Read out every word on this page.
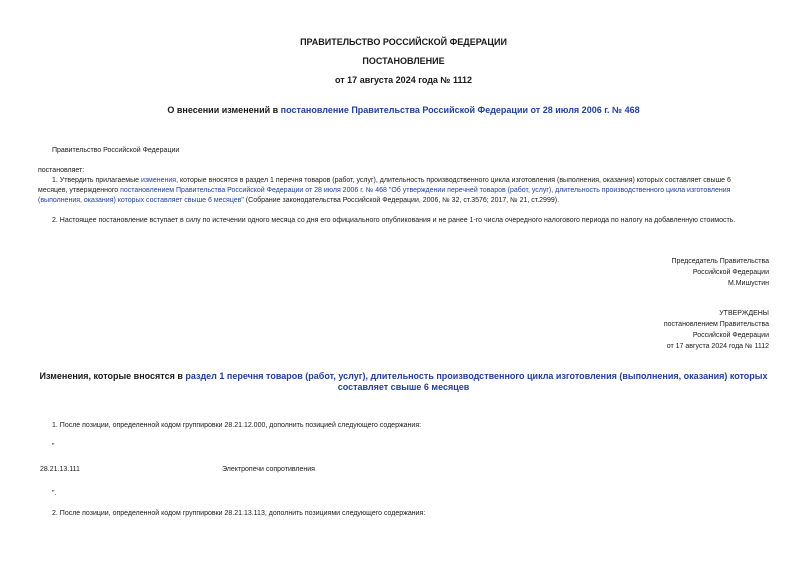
ПРАВИТЕЛЬСТВО РОССИЙСКОЙ ФЕДЕРАЦИИ
ПОСТАНОВЛЕНИЕ
от 17 августа 2024 года № 1112
О внесении изменений в постановление Правительства Российской Федерации от 28 июля 2006 г. № 468
Правительство Российской Федерации
постановляет:
1. Утвердить прилагаемые изменения, которые вносятся в раздел 1 перечня товаров (работ, услуг), длительность производственного цикла изготовления (выполнения, оказания) которых составляет свыше 6
месяцев, утвержденного постановлением Правительства Российской Федерации от 28 июля 2006 г. № 468 "Об утверждении перечней товаров (работ, услуг), длительность производственного цикла изготовления
(выполнения, оказания) которых составляет свыше 6 месяцев" (Собрание законодательства Российской Федерации, 2006, № 32, ст.3576; 2017, № 21, ст.2999).
2. Настоящее постановление вступает в силу по истечении одного месяца со дня его официального опубликования и не ранее 1-го числа очередного налогового периода по налогу на добавленную стоимость.
Председатель Правительства
Российской Федерации
М.Мишустин
УТВЕРЖДЕНЫ
постановлением Правительства
Российской Федерации
от 17 августа 2024 года № 1112
Изменения, которые вносятся в раздел 1 перечня товаров (работ, услуг), длительность производственного цикла изготовления (выполнения, оказания) которых
составляет свыше 6 месяцев
1. После позиции, определенной кодом группировки 28.21.12.000, дополнить позицией следующего содержания:
"
28.21.13.111	Электропечи сопротивления
".
2. После позиции, определенной кодом группировки 28.21.13.113, дополнить позициями следующего содержания:
